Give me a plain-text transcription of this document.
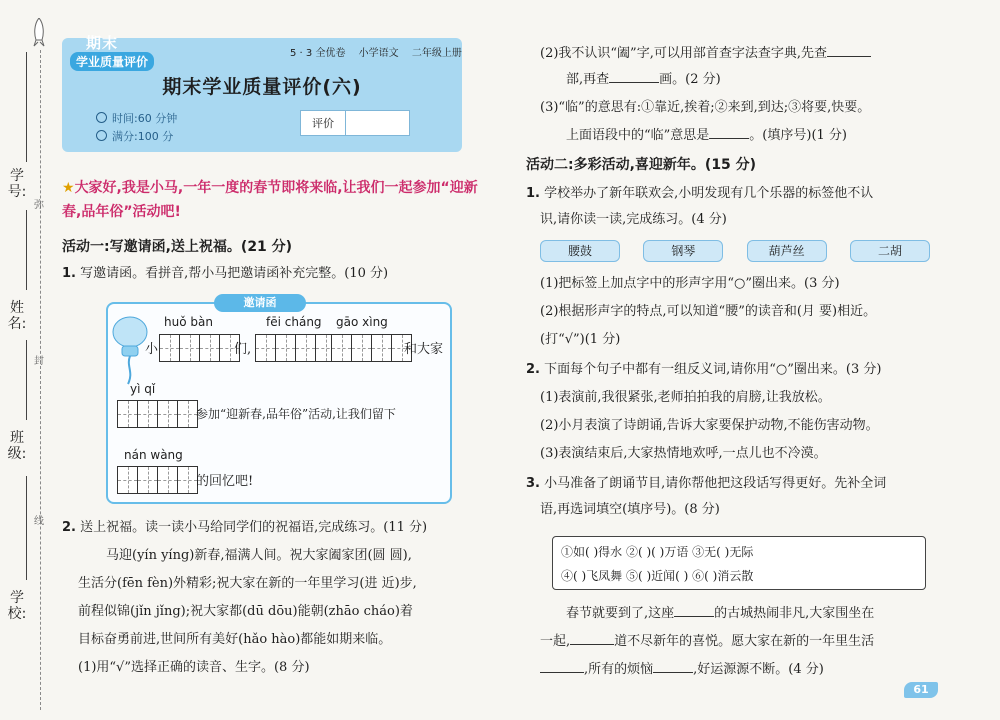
学号:
姓名:
班级:
学校:
弥
封
线
期末
学业质量评价
5 · 3 全优卷 小学语文 二年级上册
期末学业质量评价(六)
时间:60 分钟
满分:100 分
评价
★大家好,我是小马,一年一度的春节即将来临,让我们一起参加“迎新春,品年俗”活动吧!
活动一:写邀请函,送上祝福。(21 分)
1. 写邀请函。看拼音,帮小马把邀请函补充完整。(10 分)
邀请函
huǒ bàn	fēi cháng gāo xìng
小	们,	和大家
yì qǐ
参加“迎新春,品年俗”活动,让我们留下
nán wàng
的回忆吧!
2. 送上祝福。读一读小马给同学们的祝福语,完成练习。(11 分)
马迎(yín yíng)新春,福满人间。祝大家阖家团(圆 圆),
生活分(fēn fèn)外精彩;祝大家在新的一年里学习(进 近)步,
前程似锦(jǐn jǐng);祝大家都(dū dōu)能朝(zhāo cháo)着
目标奋勇前进,世间所有美好(hǎo hào)都能如期来临。
(1)用“√”选择正确的读音、生字。(8 分)
(2)我不认识“阖”字,可以用部首查字法查字典,先查
部,再查	画。(2 分)
(3)“临”的意思有:①靠近,挨着;②来到,到达;③将要,快要。
上面语段中的“临”意思是	。(填序号)(1 分)
活动二:多彩活动,喜迎新年。(15 分)
1. 学校举办了新年联欢会,小明发现有几个乐器的标签他不认
识,请你读一读,完成练习。(4 分)
腰鼓	钢琴	葫芦丝	二胡
(1)把标签上加点字中的形声字用“○”圈出来。(3 分)
(2)根据形声字的特点,可以知道“腰”的读音和(月 要)相近。
(打“√”)(1 分)
2. 下面每个句子中都有一组反义词,请你用“○”圈出来。(3 分)
(1)表演前,我很紧张,老师拍拍我的肩膀,让我放松。
(2)小月表演了诗朗诵,告诉大家要保护动物,不能伤害动物。
(3)表演结束后,大家热情地欢呼,一点儿也不冷漠。
3. 小马准备了朗诵节目,请你帮他把这段话写得更好。先补全词
语,再选词填空(填序号)。(8 分)
①如( )得水 ②( )( )万语 ③无( )无际
④( )飞凤舞 ⑤( )近闻( ) ⑥( )消云散
春节就要到了,这座	的古城热闹非凡,大家围坐在
一起,	道不尽新年的喜悦。愿大家在新的一年里生活
,所有的烦恼	,好运源源不断。(4 分)
61
